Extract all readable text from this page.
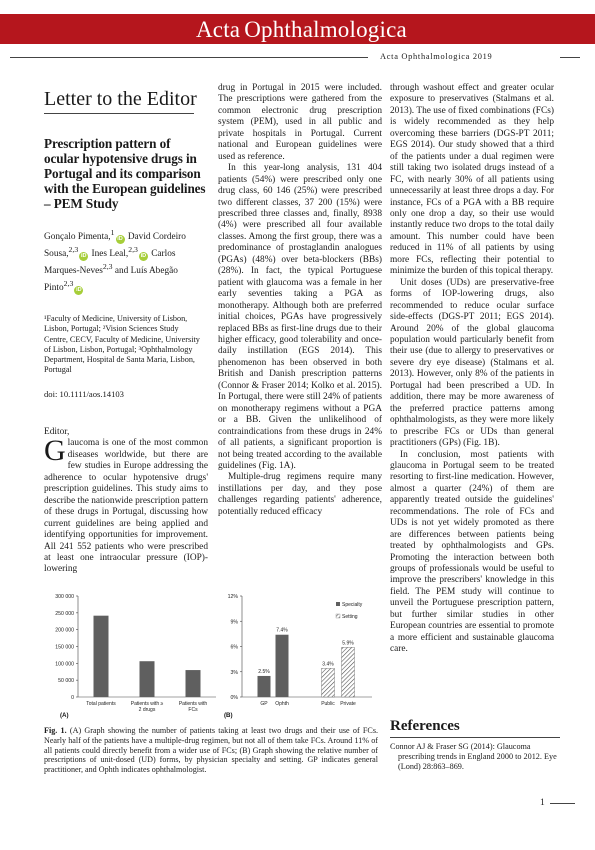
Acta Ophthalmologica
Acta Ophthalmologica 2019
Letter to the Editor
Prescription pattern of ocular hypotensive drugs in Portugal and its comparison with the European guidelines – PEM Study
Gonçalo Pimenta,$^1$iD David Cordeiro Sousa,$^{2,3}$iD Ines Leal,$^{2,3}$iD Carlos Marques-Neves$^{2,3}$ and Luís Abegão Pinto$^{2,3}$iD
¹Faculty of Medicine, University of Lisbon, Lisbon, Portugal; ²Vision Sciences Study Centre, CECV, Faculty of Medicine, University of Lisbon, Lisbon, Portugal; ³Ophthalmology Department, Hospital de Santa Maria, Lisbon, Portugal
doi: 10.1111/aos.14103

Editor,

Glaucoma is one of the most common diseases worldwide, but there are few studies in Europe addressing the adherence to ocular hypotensive drugs' prescription guidelines. This study aims to describe the nationwide prescription pattern of these drugs in Portugal, discussing how current guidelines are being applied and identifying opportunities for improvement. All 241 552 patients who were prescribed at least one intraocular pressure (IOP)-lowering

drug in Portugal in 2015 were included. The prescriptions were gathered from the common electronic drug prescription system (PEM), used in all public and private hospitals in Portugal. Current national and European guidelines were used as reference.

In this year-long analysis, 131 404 patients (54%) were prescribed only one drug class, 60 146 (25%) were prescribed two different classes, 37 200 (15%) were prescribed three classes and, finally, 8938 (4%) were prescribed all four available classes. Among the first group, there was a predominance of prostaglandin analogues (PGAs) (48%) over beta-blockers (BBs) (28%). In fact, the typical Portuguese patient with glaucoma was a female in her early seventies taking a PGA as monotherapy. Although both are preferred initial choices, PGAs have progressively replaced BBs as first-line drugs due to their higher efficacy, good tolerability and once-daily instillation (EGS 2014). This phenomenon has been observed in both British and Danish prescription patterns (Connor & Fraser 2014; Kolko et al. 2015). In Portugal, there were still 24% of patients on monotherapy regimens without a PGA or a BB. Given the unlikelihood of contraindications from these drugs in 24% of all patients, a significant proportion is not being treated according to the available guidelines (Fig. 1A).

Multiple-drug regimens require many instillations per day, and they pose challenges regarding patients' adherence, potentially reduced efficacy

through washout effect and greater ocular exposure to preservatives (Stalmans et al. 2013). The use of fixed combinations (FCs) is widely recommended as they help overcoming these barriers (DGS-PT 2011; EGS 2014). Our study showed that a third of the patients under a dual regimen were still taking two isolated drugs instead of a FC, with nearly 30% of all patients using unnecessarily at least three drops a day. For instance, FCs of a PGA with a BB require only one drop a day, so their use would instantly reduce two drops to the total daily amount. This number could have been reduced in 11% of all patients by using more FCs, reflecting their potential to minimize the burden of this topical therapy.

Unit doses (UDs) are preservative-free forms of IOP-lowering drugs, also recommended to reduce ocular surface side-effects (DGS-PT 2011; EGS 2014). Around 20% of the global glaucoma population would particularly benefit from their use (due to allergy to preservatives or severe dry eye disease) (Stalmans et al. 2013). However, only 8% of the patients in Portugal had been prescribed a UD. In addition, there may be more awareness of the preferred practice patterns among ophthalmologists, as they were more likely to prescribe FCs or UDs than general practitioners (GPs) (Fig. 1B).

In conclusion, most patients with glaucoma in Portugal seem to be treated resorting to first-line medication. However, almost a quarter (24%) of them are apparently treated outside the guidelines' recommendations. The role of FCs and UDs is not yet widely promoted as there are differences between patients being treated by ophthalmologists and GPs. Promoting the interaction between both groups of professionals would be useful to improve the prescribers' knowledge in this field. The PEM study will continue to unveil the Portuguese prescription pattern, but further similar studies in other European countries are essential to promote a more efficient and sustainable glaucoma care.

0
50 000
100 000
150 000
200 000
250 000
300 000
Total patients	Patients with ≥
2 drugs
Patients with
FCs
(A)
0%
3%
6%
9%
12%
2.5%
GP
7.4%
Ophth
3.4%
Public
5.9%
Private
Specialty
Setting
(B)
Fig. 1. (A) Graph showing the number of patients taking at least two drugs and their use of FCs. Nearly half of the patients have a multiple-drug regimen, but not all of them take FCs. Around 11% of all patients could directly benefit from a wider use of FCs; (B) Graph showing the relative number of prescriptions of unit-dosed (UD) forms, by physician specialty and setting. GP indicates general practitioner, and Ophth indicates ophthalmologist.
References
Connor AJ & Fraser SG (2014): Glaucoma prescribing trends in England 2000 to 2012. Eye (Lond) 28:863–869.
1
